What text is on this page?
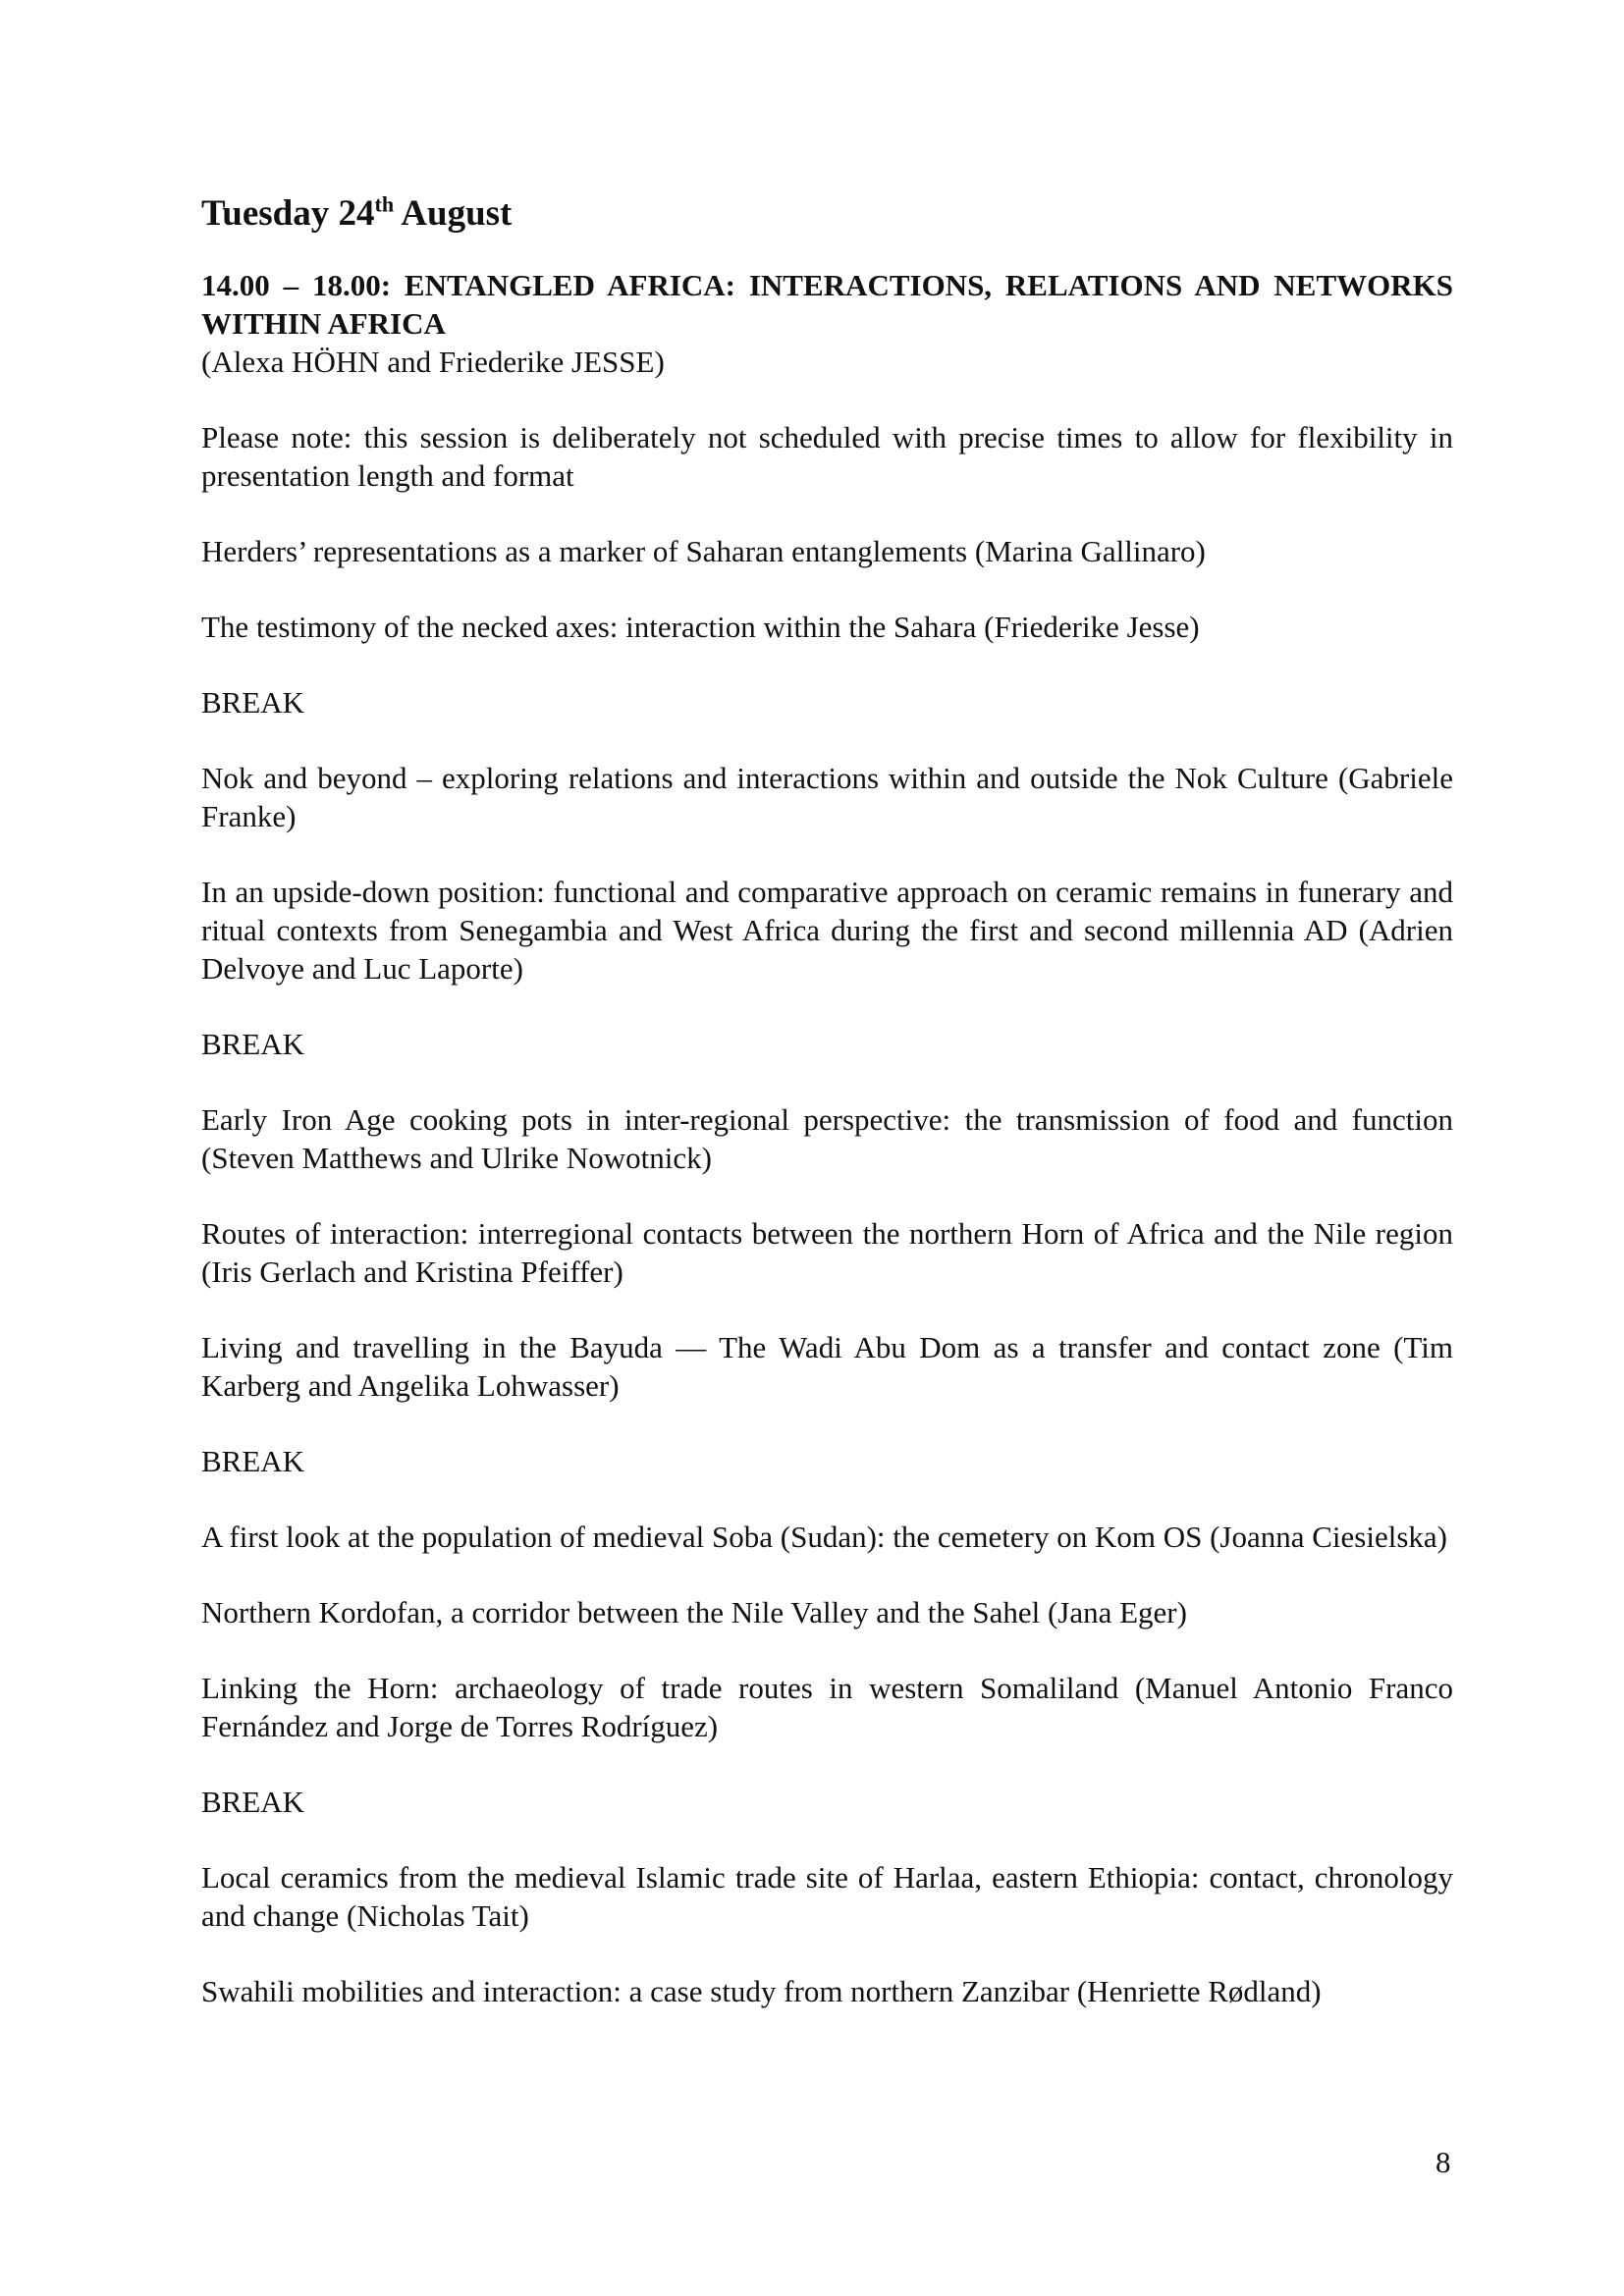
Tuesday 24th August

14.00 – 18.00: ENTANGLED AFRICA: INTERACTIONS, RELATIONS AND NETWORKS WITHIN AFRICA

(Alexa HÖHN and Friederike JESSE)

Please note: this session is deliberately not scheduled with precise times to allow for flexibility in presentation length and format

Herders’ representations as a marker of Saharan entanglements (Marina Gallinaro)

The testimony of the necked axes: interaction within the Sahara (Friederike Jesse)

BREAK

Nok and beyond – exploring relations and interactions within and outside the Nok Culture (Gabriele Franke)

In an upside-down position: functional and comparative approach on ceramic remains in funerary and ritual contexts from Senegambia and West Africa during the first and second millennia AD (Adrien Delvoye and Luc Laporte)

BREAK

Early Iron Age cooking pots in inter-regional perspective: the transmission of food and function (Steven Matthews and Ulrike Nowotnick)

Routes of interaction: interregional contacts between the northern Horn of Africa and the Nile region (Iris Gerlach and Kristina Pfeiffer)

Living and travelling in the Bayuda — The Wadi Abu Dom as a transfer and contact zone (Tim Karberg and Angelika Lohwasser)

BREAK

A first look at the population of medieval Soba (Sudan): the cemetery on Kom OS (Joanna Ciesielska)

Northern Kordofan, a corridor between the Nile Valley and the Sahel (Jana Eger)

Linking the Horn: archaeology of trade routes in western Somaliland (Manuel Antonio Franco Fernández and Jorge de Torres Rodríguez)

BREAK

Local ceramics from the medieval Islamic trade site of Harlaa, eastern Ethiopia: contact, chronology and change (Nicholas Tait)

Swahili mobilities and interaction: a case study from northern Zanzibar (Henriette Rødland)

8
